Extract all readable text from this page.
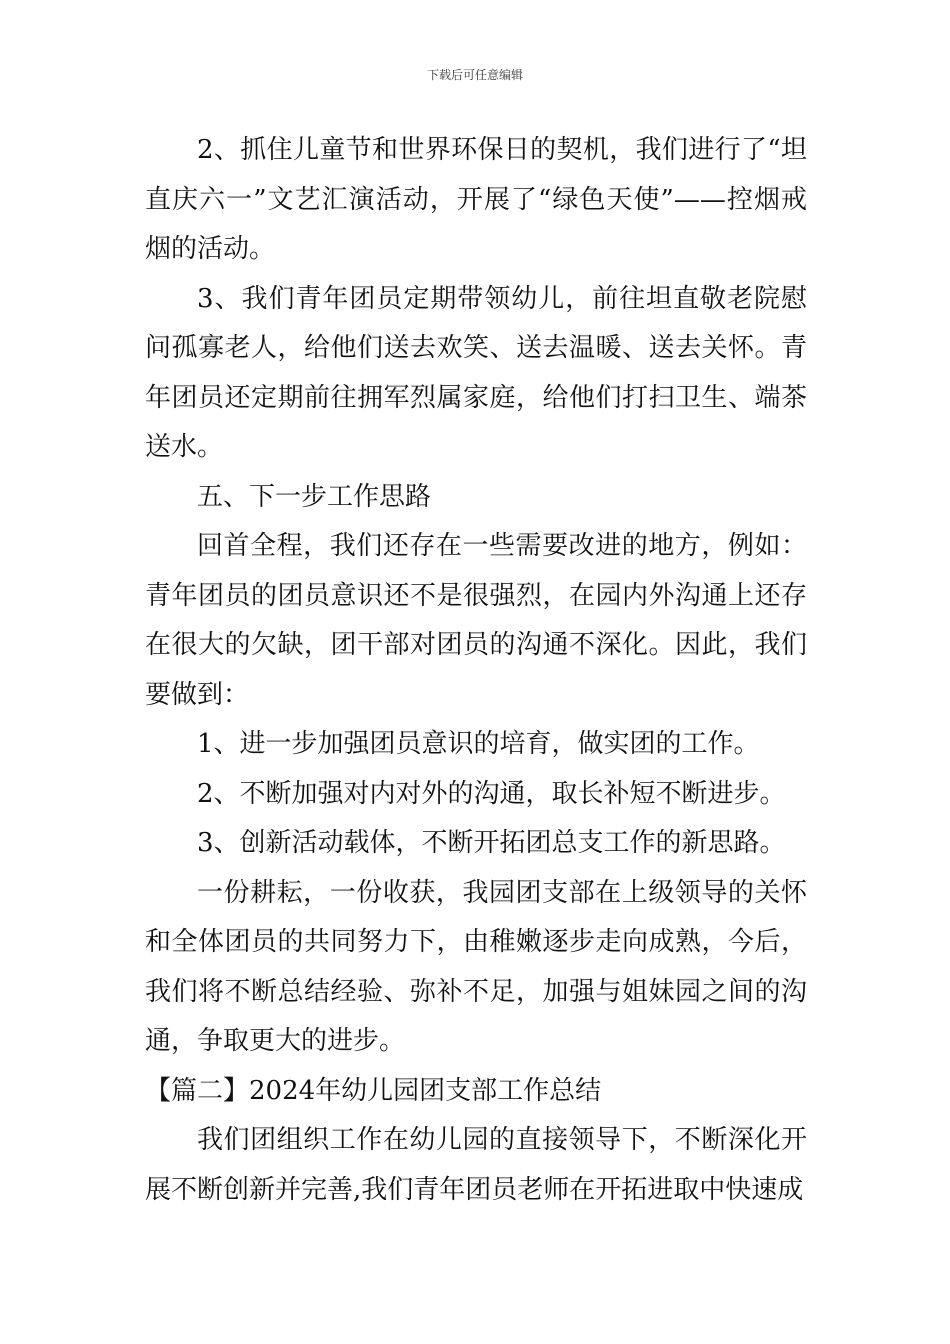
下载后可任意编辑

2、抓住儿童节和世界环保日的契机，我们进行了“坦直庆六一”文艺汇演活动，开展了“绿色天使”——控烟戒烟的活动。

3、我们青年团员定期带领幼儿，前往坦直敬老院慰问孤寡老人，给他们送去欢笑、送去温暖、送去关怀。青年团员还定期前往拥军烈属家庭，给他们打扫卫生、端茶送水。

五、下一步工作思路

回首全程，我们还存在一些需要改进的地方，例如：青年团员的团员意识还不是很强烈，在园内外沟通上还存在很大的欠缺，团干部对团员的沟通不深化。因此，我们要做到：

1、进一步加强团员意识的培育，做实团的工作。

2、不断加强对内对外的沟通，取长补短不断进步。

3、创新活动载体，不断开拓团总支工作的新思路。

一份耕耘，一份收获，我园团支部在上级领导的关怀和全体团员的共同努力下，由稚嫩逐步走向成熟，今后，我们将不断总结经验、弥补不足，加强与姐妹园之间的沟通，争取更大的进步。

【篇二】2024年幼儿园团支部工作总结

我们团组织工作在幼儿园的直接领导下，不断深化开展不断创新并完善,我们青年团员老师在开拓进取中快速成
